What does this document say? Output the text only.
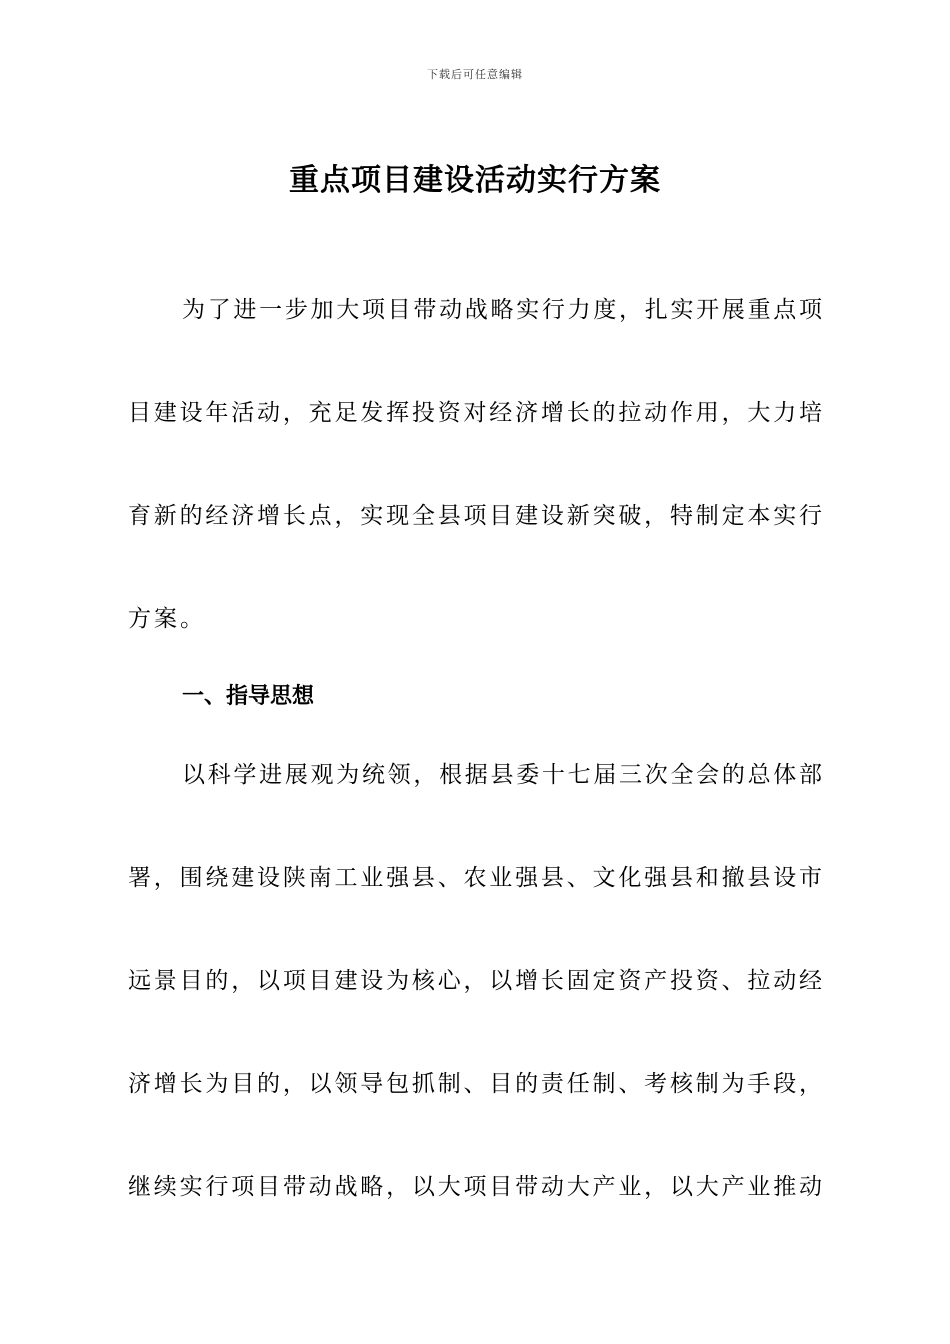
下载后可任意编辑
重点项目建设活动实行方案
为了进一步加大项目带动战略实行力度，扎实开展重点项
目建设年活动，充足发挥投资对经济增长的拉动作用，大力培
育新的经济增长点，实现全县项目建设新突破，特制定本实行
方案。
一、指导思想
以科学进展观为统领，根据县委十七届三次全会的总体部
署，围绕建设陕南工业强县、农业强县、文化强县和撤县设市
远景目的，以项目建设为核心，以增长固定资产投资、拉动经
济增长为目的，以领导包抓制、目的责任制、考核制为手段，
继续实行项目带动战略，以大项目带动大产业，以大产业推动
